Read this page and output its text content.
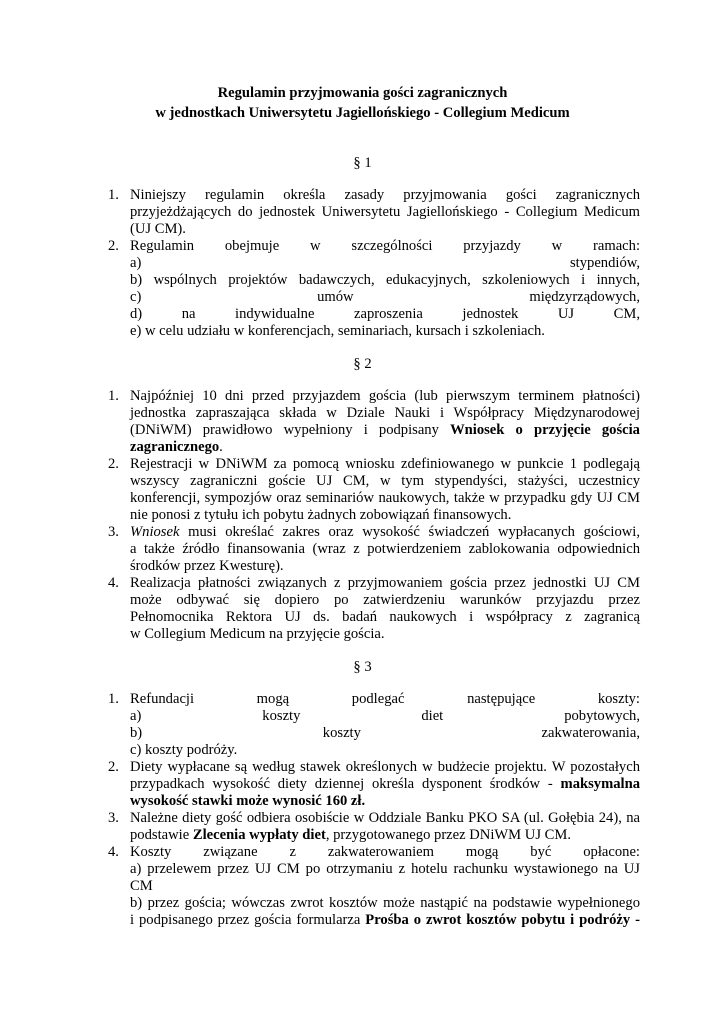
Regulamin przyjmowania gości zagranicznych
w jednostkach Uniwersytetu Jagiellońskiego - Collegium Medicum
§ 1
1. Niniejszy regulamin określa zasady przyjmowania gości zagranicznych
przyjeżdżających do jednostek Uniwersytetu Jagiellońskiego - Collegium Medicum
(UJ CM).
2. Regulamin obejmuje w szczególności przyjazdy w ramach:
a) stypendiów,
b) wspólnych projektów badawczych, edukacyjnych, szkoleniowych i innych,
c) umów międzyrządowych,
d) na indywidualne zaproszenia jednostek UJ CM,
e) w celu udziału w konferencjach, seminariach, kursach i szkoleniach.
§ 2
1. Najpóźniej 10 dni przed przyjazdem gościa (lub pierwszym terminem płatności)
jednostka zapraszająca składa w Dziale Nauki i Współpracy Międzynarodowej
(DNiWM) prawidłowo wypełniony i podpisany Wniosek o przyjęcie gościa
zagranicznego.
2. Rejestracji w DNiWM za pomocą wniosku zdefiniowanego w punkcie 1 podlegają
wszyscy zagraniczni goście UJ CM, w tym stypendyści, stażyści, uczestnicy
konferencji, sympozjów oraz seminariów naukowych, także w przypadku gdy UJ CM
nie ponosi z tytułu ich pobytu żadnych zobowiązań finansowych.
3. Wniosek musi określać zakres oraz wysokość świadczeń wypłacanych gościowi,
a także źródło finansowania (wraz z potwierdzeniem zablokowania odpowiednich
środków przez Kwesturę).
4. Realizacja płatności związanych z przyjmowaniem gościa przez jednostki UJ CM
może odbywać się dopiero po zatwierdzeniu warunków przyjazdu przez
Pełnomocnika Rektora UJ ds. badań naukowych i współpracy z zagranicą
w Collegium Medicum na przyjęcie gościa.
§ 3
1. Refundacji mogą podlegać następujące koszty:
a) koszty diet pobytowych,
b) koszty zakwaterowania,
c) koszty podróży.
2. Diety wypłacane są według stawek określonych w budżecie projektu. W pozostałych
przypadkach wysokość diety dziennej określa dysponent środków - maksymalna
wysokość stawki może wynosić 160 zł.
3. Należne diety gość odbiera osobiście w Oddziale Banku PKO SA (ul. Gołębia 24), na
podstawie Zlecenia wypłaty diet, przygotowanego przez DNiWM UJ CM.
4. Koszty związane z zakwaterowaniem mogą być opłacone:
a) przelewem przez UJ CM po otrzymaniu z hotelu rachunku wystawionego na UJ
CM
b) przez gościa; wówczas zwrot kosztów może nastąpić na podstawie wypełnionego
i podpisanego przez gościa formularza Prośba o zwrot kosztów pobytu i podróży -
